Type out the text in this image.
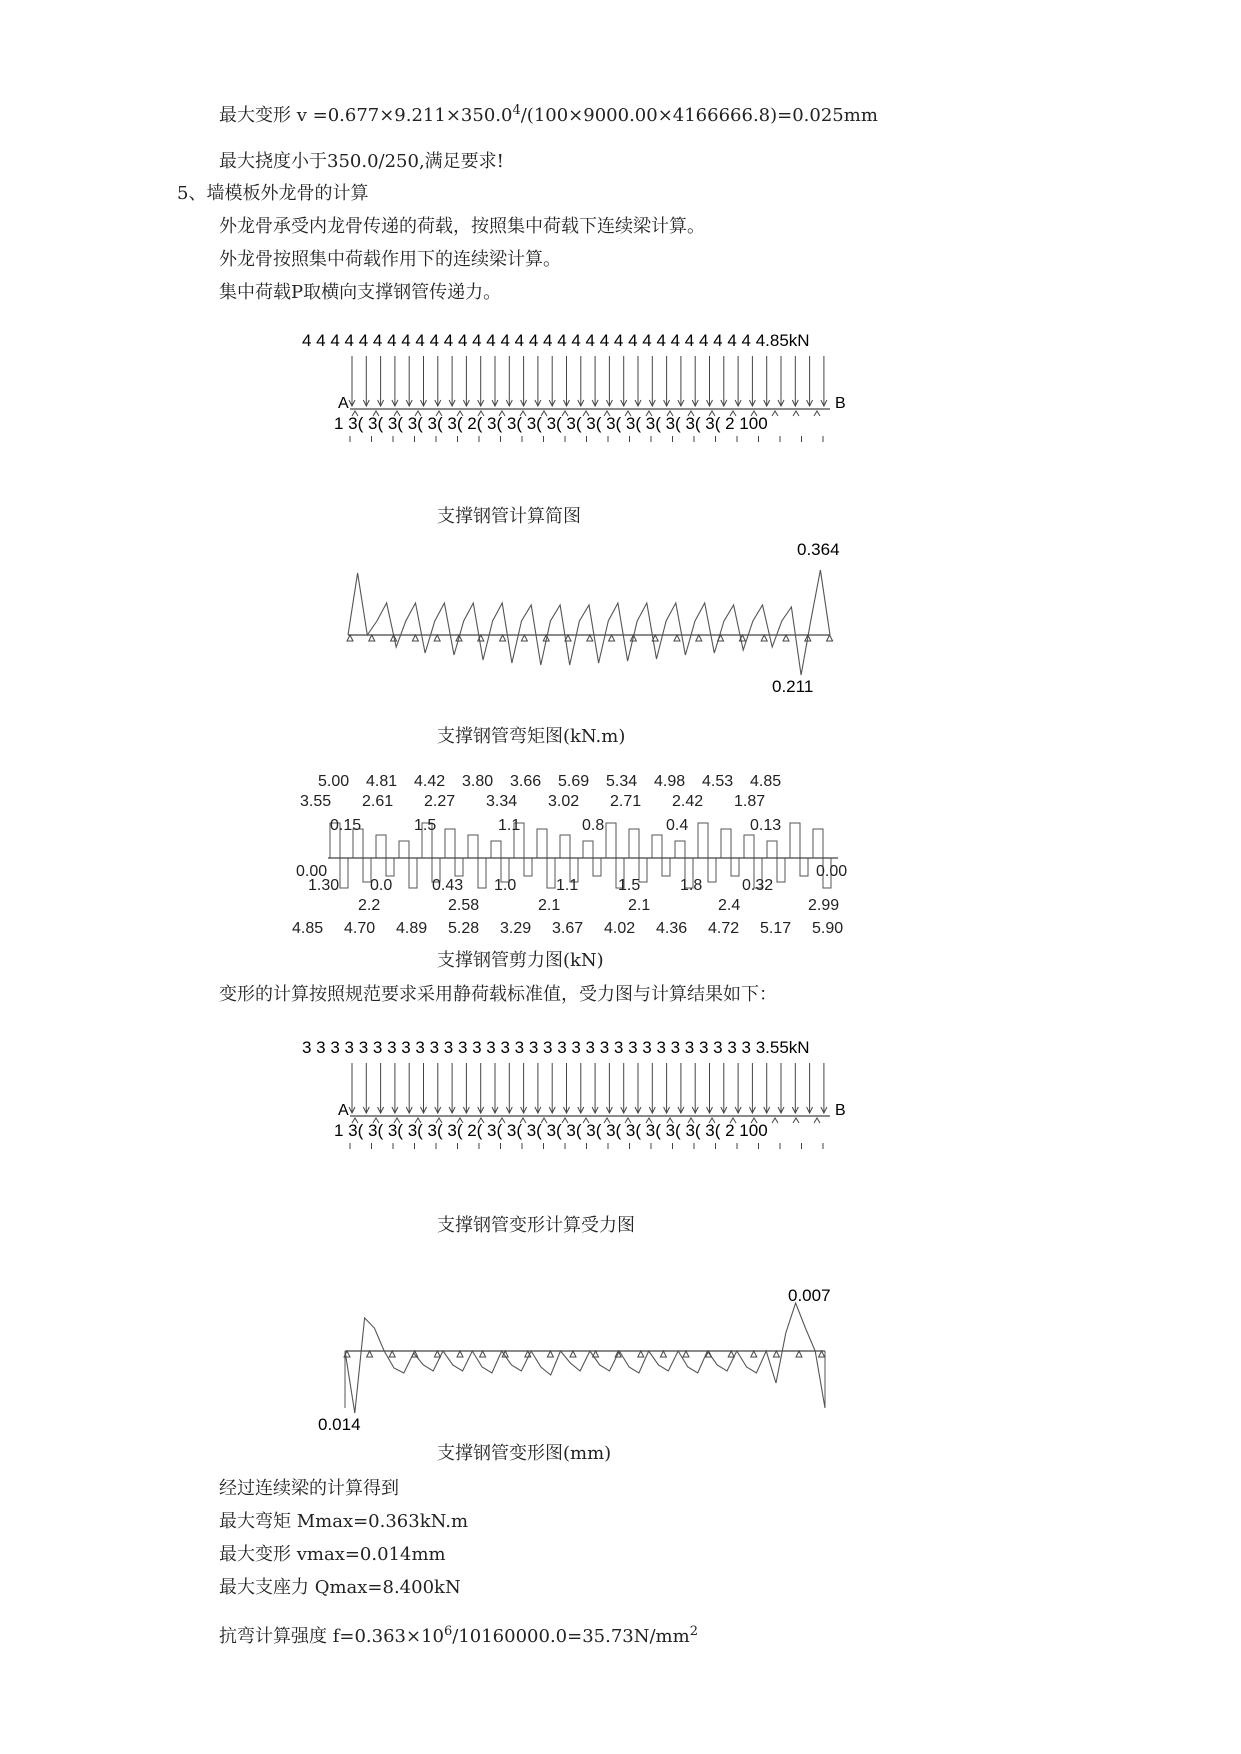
最大变形 $v =0.677\times 9.211\times 350.0^4/(100\times 9000.00\times 4166666.8)=0.025mm$
最大挠度小于350.0/250,满足要求!
5、墙模板外龙骨的计算
外龙骨承受内龙骨传递的荷载，按照集中荷载下连续梁计算。
外龙骨按照集中荷载作用下的连续梁计算。
集中荷载P取横向支撑钢管传递力。
4 4 4 4 4 4 4 4 4 4 4 4 4 4 4 4 4 4 4 4 4 4 4 4 4 4 4 4 4 4 4 4 4.85kN
A	B
1 3( 3( 3( 3( 3( 3( 2( 3( 3( 3( 3( 3( 3( 3( 3( 3( 3( 3( 3( 2 100
支撑钢管计算简图
0.364
0.211
支撑钢管弯矩图(kN.m)
5.00 4.81 4.42 3.80 3.66 5.69 5.34 4.98 4.53 4.85
3.55 2.61 2.27 3.34 3.02 2.71 2.42 1.87
0.15	1.5	1.1	0.8	0.4	0.13
0.00	0.00
1.30 0.0 0.43 1.0 1.1 1.5 1.8 0.32
2.2	2.58	2.1	2.1	2.4	2.99
4.85 4.70 4.89 5.28 3.29 3.67 4.02 4.36 4.72 5.17 5.90
支撑钢管剪力图(kN)
变形的计算按照规范要求采用静荷载标准值，受力图与计算结果如下：
3 3 3 3 3 3 3 3 3 3 3 3 3 3 3 3 3 3 3 3 3 3 3 3 3 3 3 3 3 3 3 3 3.55kN
A	B
1 3( 3( 3( 3( 3( 3( 2( 3( 3( 3( 3( 3( 3( 3( 3( 3( 3( 3( 3( 2 100
支撑钢管变形计算受力图
0.007
0.014
支撑钢管变形图(mm)
经过连续梁的计算得到
最大弯矩 Mmax=0.363kN.m
最大变形 vmax=0.014mm
最大支座力 Qmax=8.400kN
抗弯计算强度 $f=0.363\times 10^6/10160000.0=35.73N/mm^2$
